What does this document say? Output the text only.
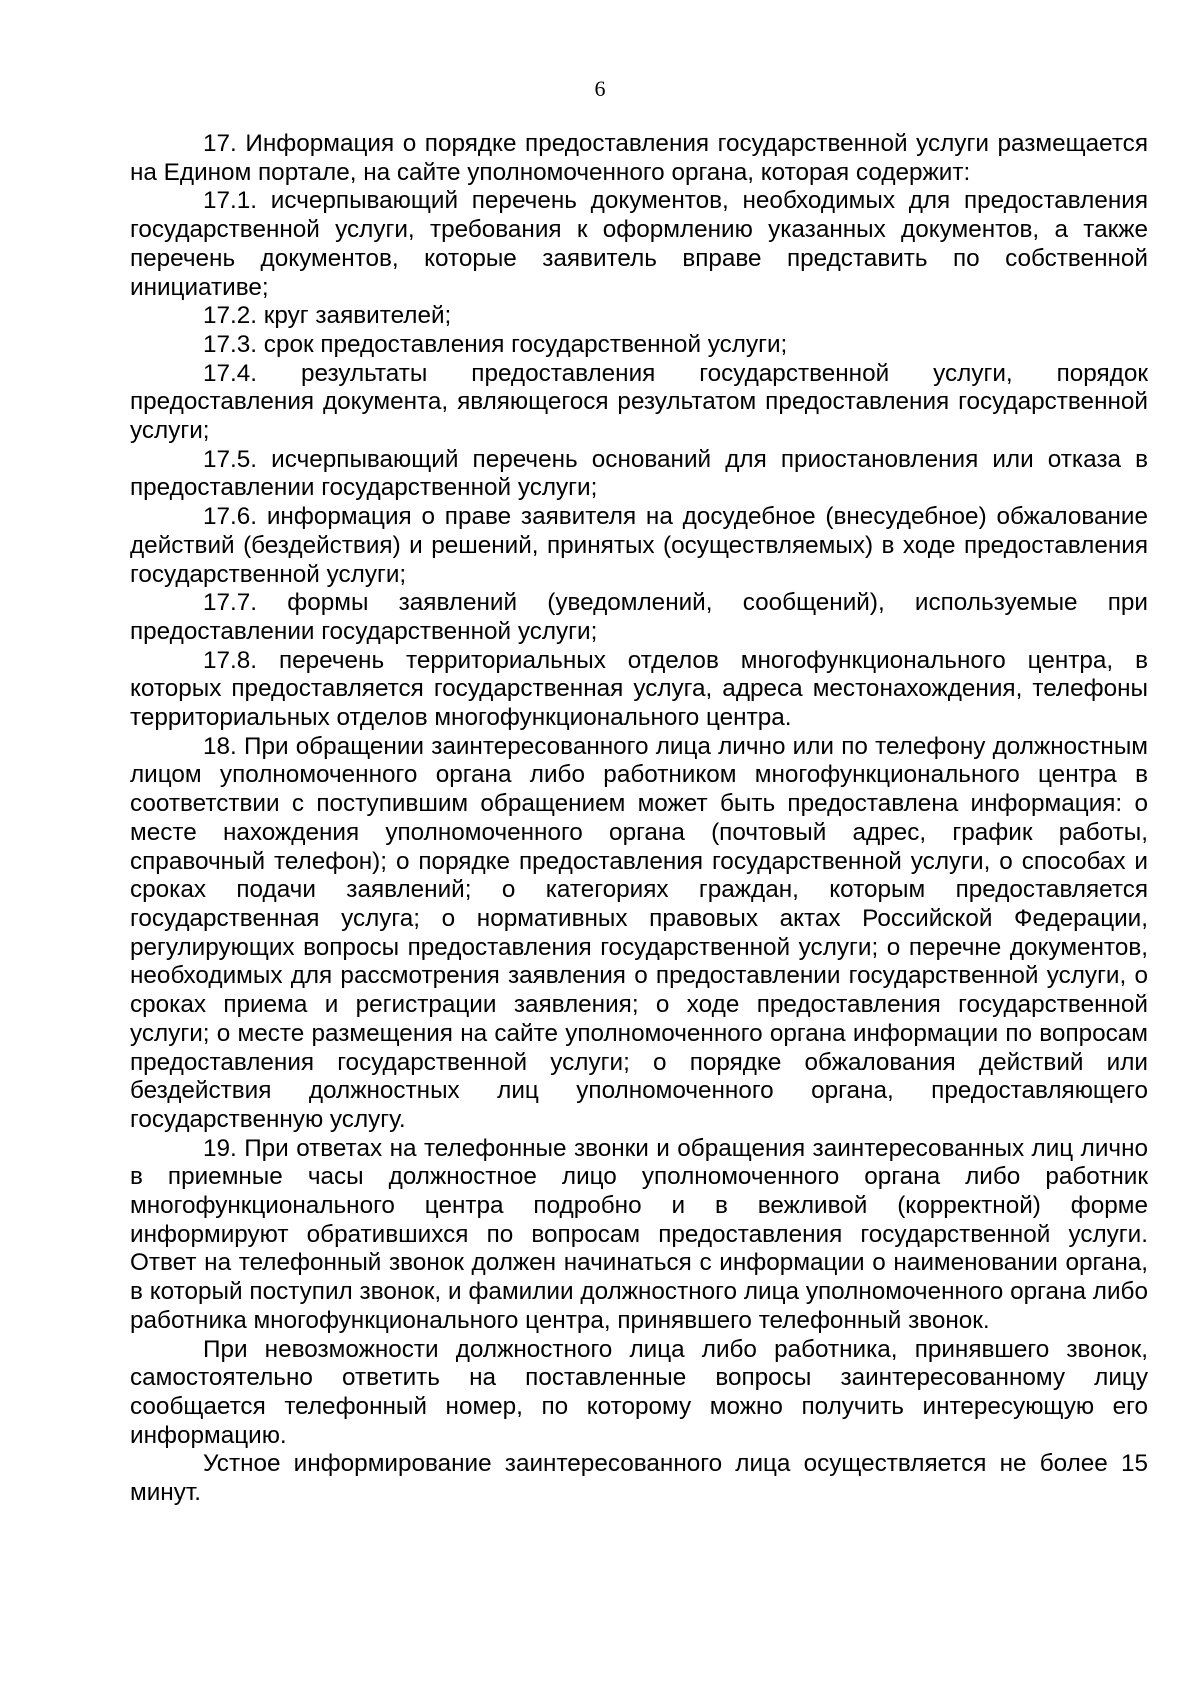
6

17. Информация о порядке предоставления государственной услуги размещается на Едином портале, на сайте уполномоченного органа, которая содержит:

17.1. исчерпывающий перечень документов, необходимых для предоставления государственной услуги, требования к оформлению указанных документов, а также перечень документов, которые заявитель вправе представить по собственной инициативе;

17.2. круг заявителей;

17.3. срок предоставления государственной услуги;

17.4. результаты предоставления государственной услуги, порядок предоставления документа, являющегося результатом предоставления государственной услуги;

17.5. исчерпывающий перечень оснований для приостановления или отказа в предоставлении государственной услуги;

17.6. информация о праве заявителя на досудебное (внесудебное) обжалование действий (бездействия) и решений, принятых (осуществляемых) в ходе предоставления государственной услуги;

17.7. формы заявлений (уведомлений, сообщений), используемые при предоставлении государственной услуги;

17.8. перечень территориальных отделов многофункционального центра, в которых предоставляется государственная услуга, адреса местонахождения, телефоны территориальных отделов многофункционального центра.

18. При обращении заинтересованного лица лично или по телефону должностным лицом уполномоченного органа либо работником многофункционального центра в соответствии с поступившим обращением может быть предоставлена информация: о месте нахождения уполномоченного органа (почтовый адрес, график работы, справочный телефон); о порядке предоставления государственной услуги, о способах и сроках подачи заявлений; о категориях граждан, которым предоставляется государственная услуга; о нормативных правовых актах Российской Федерации, регулирующих вопросы предоставления государственной услуги; о перечне документов, необходимых для рассмотрения заявления о предоставлении государственной услуги, о сроках приема и регистрации заявления; о ходе предоставления государственной услуги; о месте размещения на сайте уполномоченного органа информации по вопросам предоставления государственной услуги; о порядке обжалования действий или бездействия должностных лиц уполномоченного органа, предоставляющего государственную услугу.

19. При ответах на телефонные звонки и обращения заинтересованных лиц лично в приемные часы должностное лицо уполномоченного органа либо работник многофункционального центра подробно и в вежливой (корректной) форме информируют обратившихся по вопросам предоставления государственной услуги. Ответ на телефонный звонок должен начинаться с информации о наименовании органа, в который поступил звонок, и фамилии должностного лица уполномоченного органа либо работника многофункционального центра, принявшего телефонный звонок.

При невозможности должностного лица либо работника, принявшего звонок, самостоятельно ответить на поставленные вопросы заинтересованному лицу сообщается телефонный номер, по которому можно получить интересующую его информацию.

Устное информирование заинтересованного лица осуществляется не более 15 минут.
